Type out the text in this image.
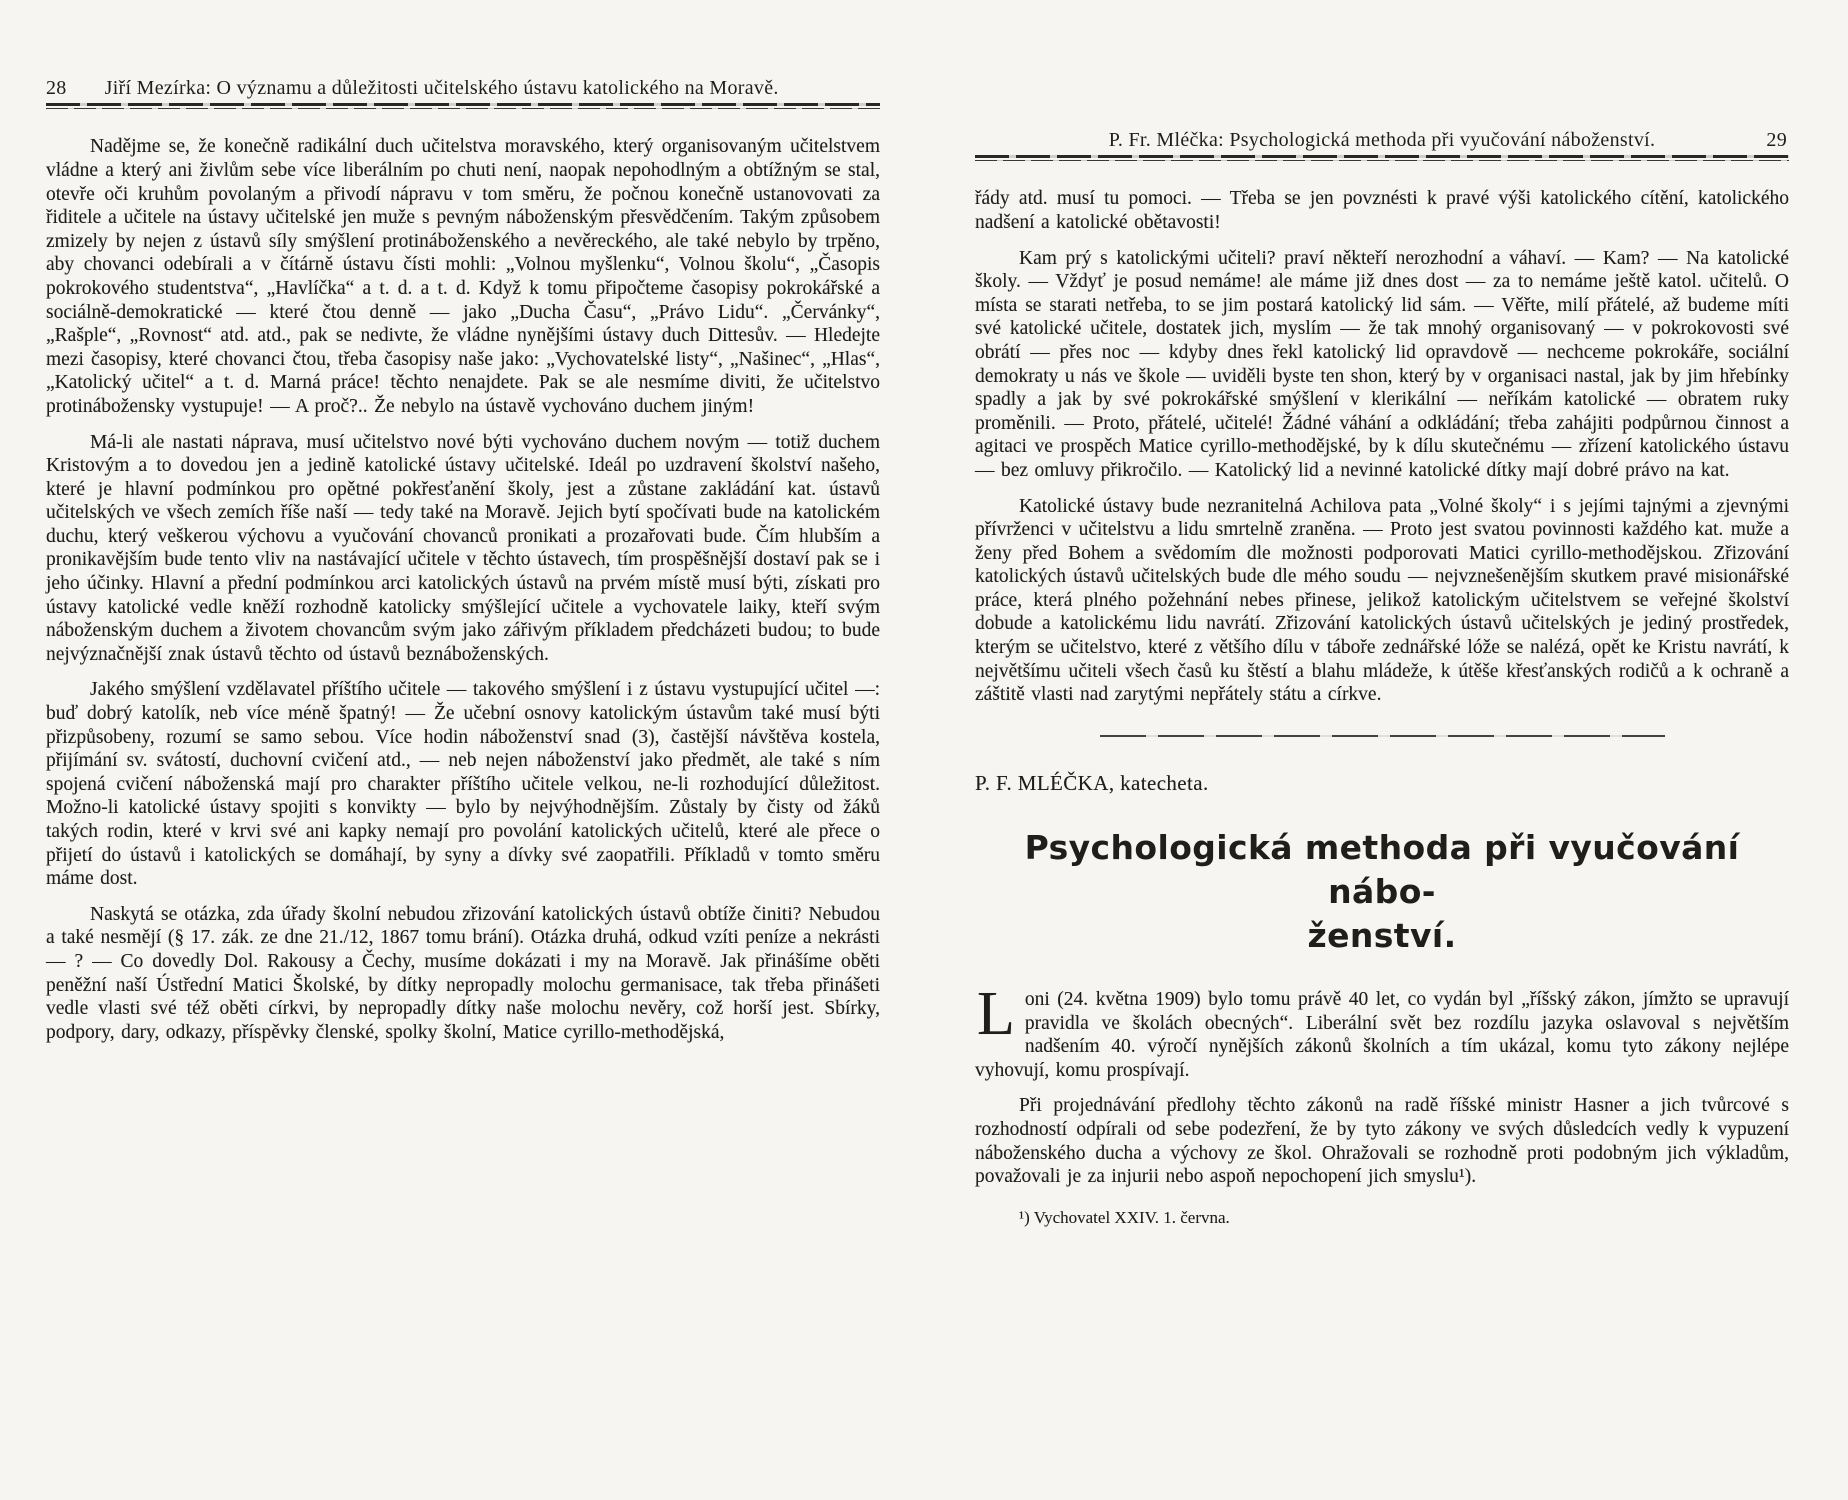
28 Jiří Mezírka: O významu a důležitosti učitelského ústavu katolického na Moravě.

Nadějme se, že konečně radikální duch učitelstva moravského, který organisovaným učitelstvem vládne a který ani živlům sebe více liberálním po chuti není, naopak nepohodlným a obtížným se stal, otevře oči kruhům povolaným a přivodí nápravu v tom směru, že počnou konečně ustanovovati za řiditele a učitele na ústavy učitelské jen muže s pevným náboženským přesvědčením. Takým způsobem zmizely by nejen z ústavů síly smýšlení protináboženského a nevěreckého, ale také nebylo by trpěno, aby chovanci odebírali a v čítárně ústavu čísti mohli: „Volnou myšlenku“, Volnou školu“, „Časopis pokrokového studentstva“, „Havlíčka“ a t. d. a t. d. Když k tomu připočteme časopisy pokrokářské a sociálně-demokratické — které čtou denně — jako „Ducha Času“, „Právo Lidu“. „Červánky“, „Rašple“, „Rovnost“ atd. atd., pak se nedivte, že vládne nynějšími ústavy duch Dittesův. — Hledejte mezi časopisy, které chovanci čtou, třeba časopisy naše jako: „Vychovatelské listy“, „Našinec“, „Hlas“, „Katolický učitel“ a t. d. Marná práce! těchto nenajdete. Pak se ale nesmíme diviti, že učitelstvo protinábožensky vystupuje! — A proč?.. Že nebylo na ústavě vychováno duchem jiným!

Má-li ale nastati náprava, musí učitelstvo nové býti vychováno duchem novým — totiž duchem Kristovým a to dovedou jen a jedině katolické ústavy učitelské. Ideál po uzdravení školství našeho, které je hlavní podmínkou pro opětné pokřesťanění školy, jest a zůstane zakládání kat. ústavů učitelských ve všech zemích říše naší — tedy také na Moravě. Jejich bytí spočívati bude na katolickém duchu, který veškerou výchovu a vyučování chovanců pronikati a prozařovati bude. Čím hlubším a pronikavějším bude tento vliv na nastávající učitele v těchto ústavech, tím prospěšnější dostaví pak se i jeho účinky. Hlavní a přední podmínkou arci katolických ústavů na prvém místě musí býti, získati pro ústavy katolické vedle kněží rozhodně katolicky smýšlející učitele a vychovatele laiky, kteří svým náboženským duchem a životem chovancům svým jako zářivým příkladem předcházeti budou; to bude nejvýznačnější znak ústavů těchto od ústavů beznáboženských.

Jakého smýšlení vzdělavatel příštího učitele — takového smýšlení i z ústavu vystupující učitel —: buď dobrý katolík, neb více méně špatný! — Že učební osnovy katolickým ústavům také musí býti přizpůsobeny, rozumí se samo sebou. Více hodin náboženství snad (3), častější návštěva kostela, přijímání sv. svátostí, duchovní cvičení atd., — neb nejen náboženství jako předmět, ale také s ním spojená cvičení náboženská mají pro charakter příštího učitele velkou, ne-li rozhodující důležitost. Možno-li katolické ústavy spojiti s konvikty — bylo by nejvýhodnějším. Zůstaly by čisty od žáků takých rodin, které v krvi své ani kapky nemají pro povolání katolických učitelů, které ale přece o přijetí do ústavů i katolických se domáhají, by syny a dívky své zaopatřili. Příkladů v tomto směru máme dost.

Naskytá se otázka, zda úřady školní nebudou zřizování katolických ústavů obtíže činiti? Nebudou a také nesmějí (§ 17. zák. ze dne 21./12, 1867 tomu brání). Otázka druhá, odkud vzíti peníze a nekrásti — ? — Co dovedly Dol. Rakousy a Čechy, musíme dokázati i my na Moravě. Jak přinášíme oběti peněžní naší Ústřední Matici Školské, by dítky nepropadly molochu germanisace, tak třeba přinášeti vedle vlasti své též oběti církvi, by nepropadly dítky naše molochu nevěry, což horší jest. Sbírky, podpory, dary, odkazy, příspěvky členské, spolky školní, Matice cyrillo-methodějská,

P. Fr. Mléčka: Psychologická methoda při vyučování náboženství.	29

řády atd. musí tu pomoci. — Třeba se jen povznésti k pravé výši katolického cítění, katolického nadšení a katolické obětavosti!

Kam prý s katolickými učiteli? praví někteří nerozhodní a váhaví. — Kam? — Na katolické školy. — Vždyť je posud nemáme! ale máme již dnes dost — za to nemáme ještě katol. učitelů. O místa se starati netřeba, to se jim postará katolický lid sám. — Věřte, milí přátelé, až budeme míti své katolické učitele, dostatek jich, myslím — že tak mnohý organisovaný — v pokrokovosti své obrátí — přes noc — kdyby dnes řekl katolický lid opravdově — nechceme pokrokáře, sociální demokraty u nás ve škole — uviděli byste ten shon, který by v organisaci nastal, jak by jim hřebínky spadly a jak by své pokrokářské smýšlení v klerikální — neříkám katolické — obratem ruky proměnili. — Proto, přátelé, učitelé! Žádné váhání a odkládání; třeba zahájiti podpůrnou činnost a agitaci ve prospěch Matice cyrillo-methodějské, by k dílu skutečnému — zřízení katolického ústavu — bez omluvy přikročilo. — Katolický lid a nevinné katolické dítky mají dobré právo na kat.

Katolické ústavy bude nezranitelná Achilova pata „Volné školy“ i s jejími tajnými a zjevnými přívrženci v učitelstvu a lidu smrtelně zraněna. — Proto jest svatou povinnosti každého kat. muže a ženy před Bohem a svědomím dle možnosti podporovati Matici cyrillo-methodějskou. Zřizování katolických ústavů učitelských bude dle mého soudu — nejvznešenějším skutkem pravé misionářské práce, která plného požehnání nebes přinese, jelikož katolickým učitelstvem se veřejné školství dobude a katolickému lidu navrátí. Zřizování katolických ústavů učitelských je jediný prostředek, kterým se učitelstvo, které z většího dílu v táboře zednářské lóže se nalézá, opět ke Kristu navrátí, k největšímu učiteli všech časů ku štěstí a blahu mládeže, k útěše křesťanských rodičů a k ochraně a záštitě vlasti nad zarytými nepřátely státu a církve.

P. F. MLÉČKA, katecheta.

Psychologická methoda při vyučování nábo-
ženství.

Loni (24. května 1909) bylo tomu právě 40 let, co vydán byl „říšský zákon, jímžto se upravují pravidla ve školách obecných“. Liberální svět bez rozdílu jazyka oslavoval s největším nadšením 40. výročí nynějších zákonů školních a tím ukázal, komu tyto zákony nejlépe vyhovují, komu prospívají.

Při projednávání předlohy těchto zákonů na radě říšské ministr Hasner a jich tvůrcové s rozhodností odpírali od sebe podezření, že by tyto zákony ve svých důsledcích vedly k vypuzení náboženského ducha a výchovy ze škol. Ohražovali se rozhodně proti podobným jich výkladům, považovali je za injurii nebo aspoň nepochopení jich smyslu¹).

¹) Vychovatel XXIV. 1. června.
